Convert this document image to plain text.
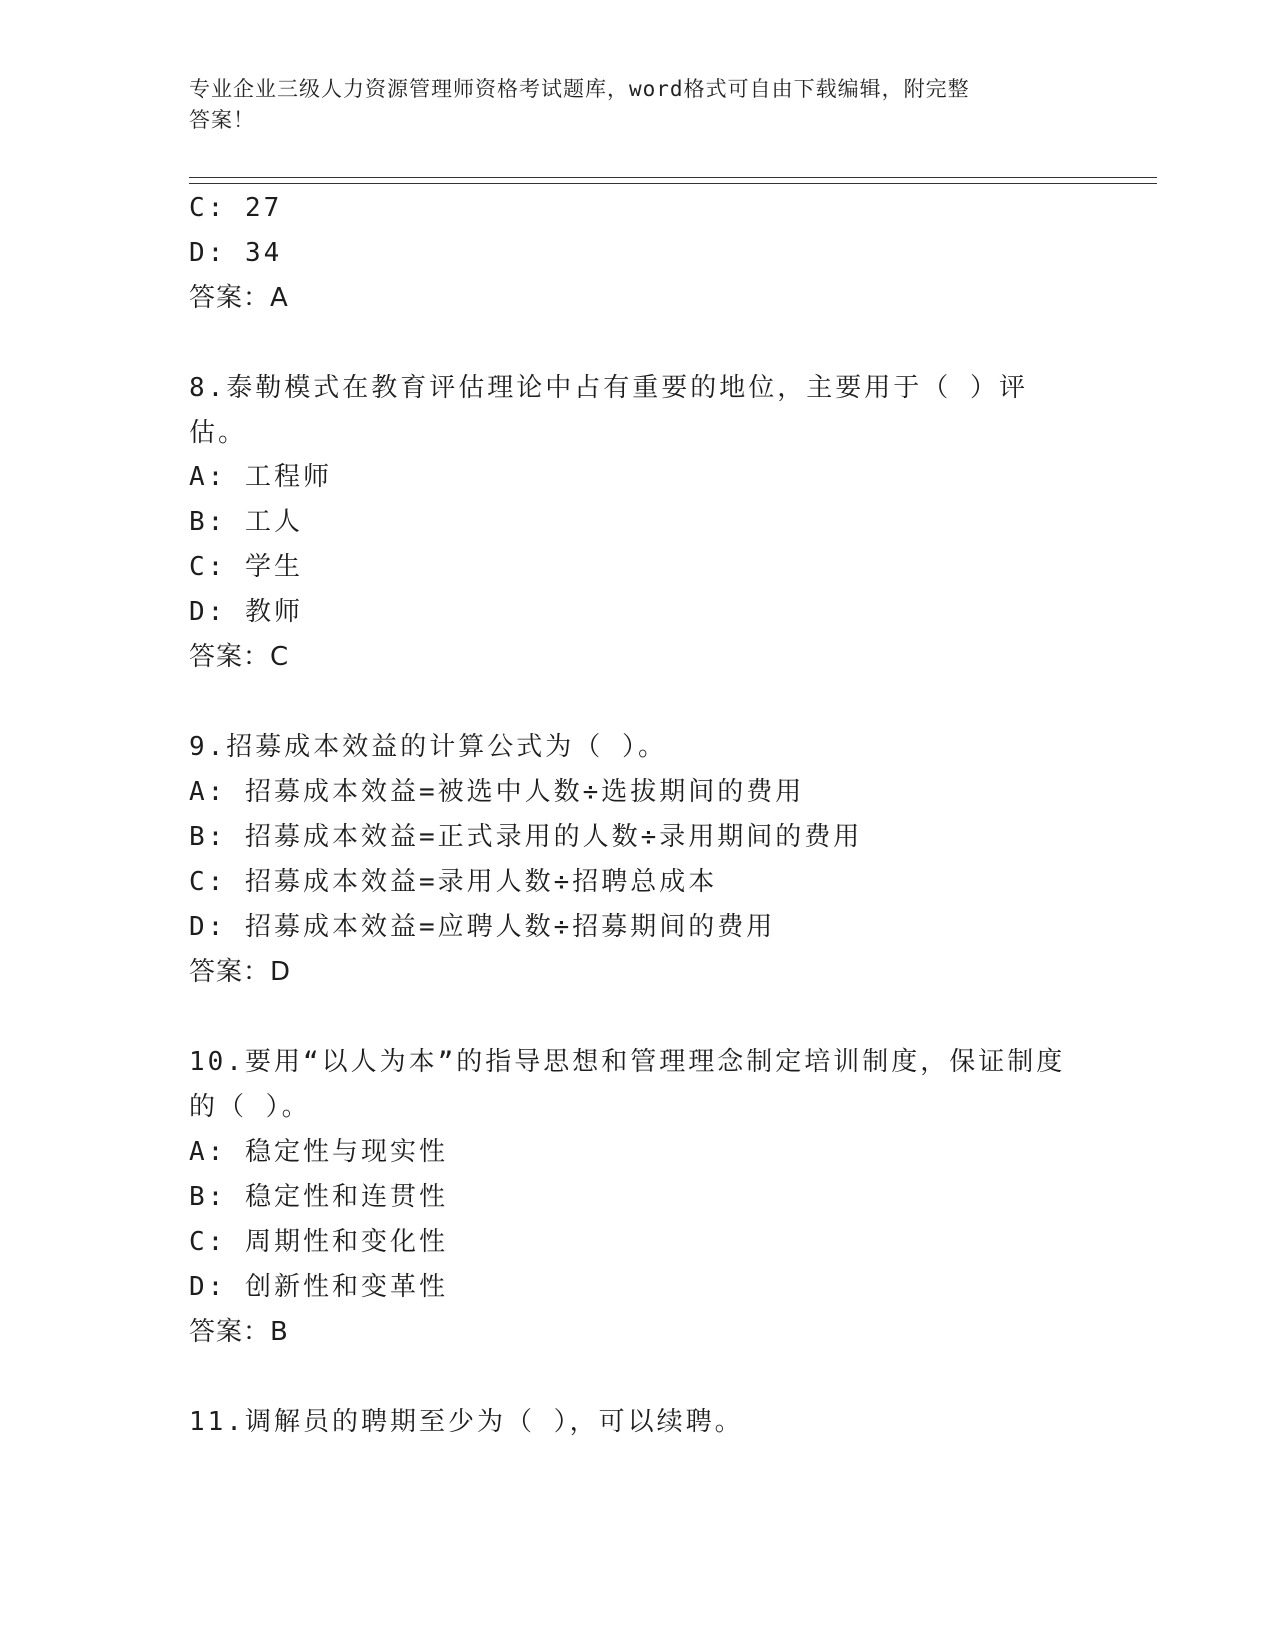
专业企业三级人力资源管理师资格考试题库，word格式可自由下载编辑，附完整
答案！
C: 27
D: 34
答案：A
8.泰勒模式在教育评估理论中占有重要的地位，主要用于（ ）评
估。
A: 工程师
B: 工人
C: 学生
D: 教师
答案：C
9.招募成本效益的计算公式为（ ）。
A: 招募成本效益=被选中人数÷选拔期间的费用
B: 招募成本效益=正式录用的人数÷录用期间的费用
C: 招募成本效益=录用人数÷招聘总成本
D: 招募成本效益=应聘人数÷招募期间的费用
答案：D
10.要用“以人为本”的指导思想和管理理念制定培训制度，保证制度
的（ ）。
A: 稳定性与现实性
B: 稳定性和连贯性
C: 周期性和变化性
D: 创新性和变革性
答案：B
11.调解员的聘期至少为（ ），可以续聘。
